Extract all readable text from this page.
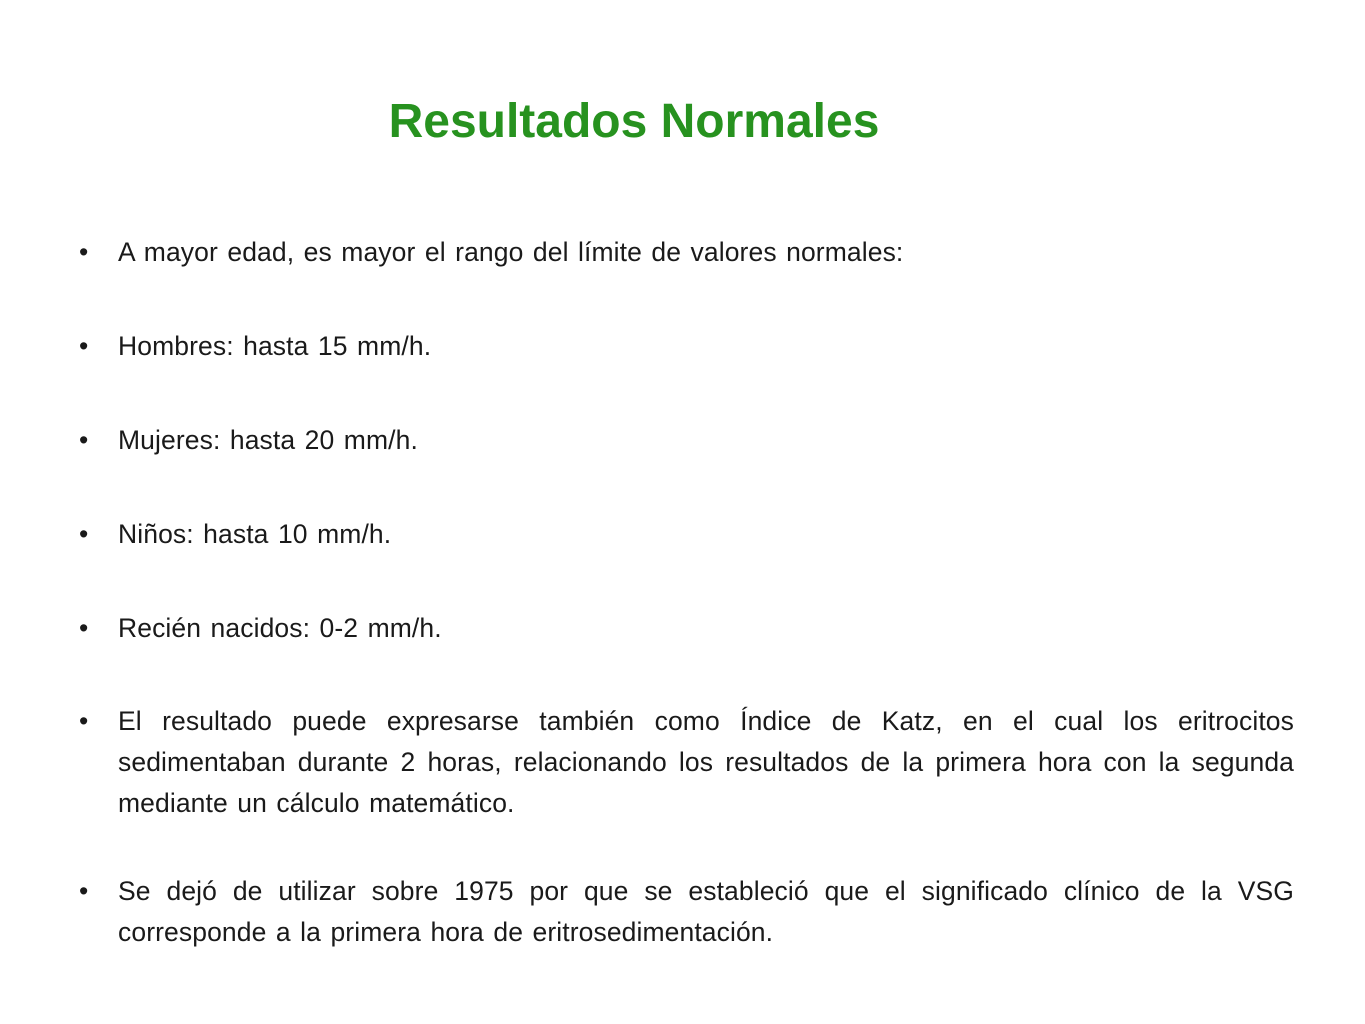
Resultados Normales
•	A mayor edad, es mayor el rango del límite de valores normales:
•	Hombres: hasta 15 mm/h.
•	Mujeres: hasta 20 mm/h.
•	Niños: hasta 10 mm/h.
•	Recién nacidos: 0-2 mm/h.
•	El resultado puede expresarse también como Índice de Katz, en el cual los eritrocitos sedimentaban durante 2 horas, relacionando los resultados de la primera hora con la segunda mediante un cálculo matemático.
•	Se dejó de utilizar sobre 1975 por que se estableció que el significado clínico de la VSG corresponde a la primera hora de eritrosedimentación.
